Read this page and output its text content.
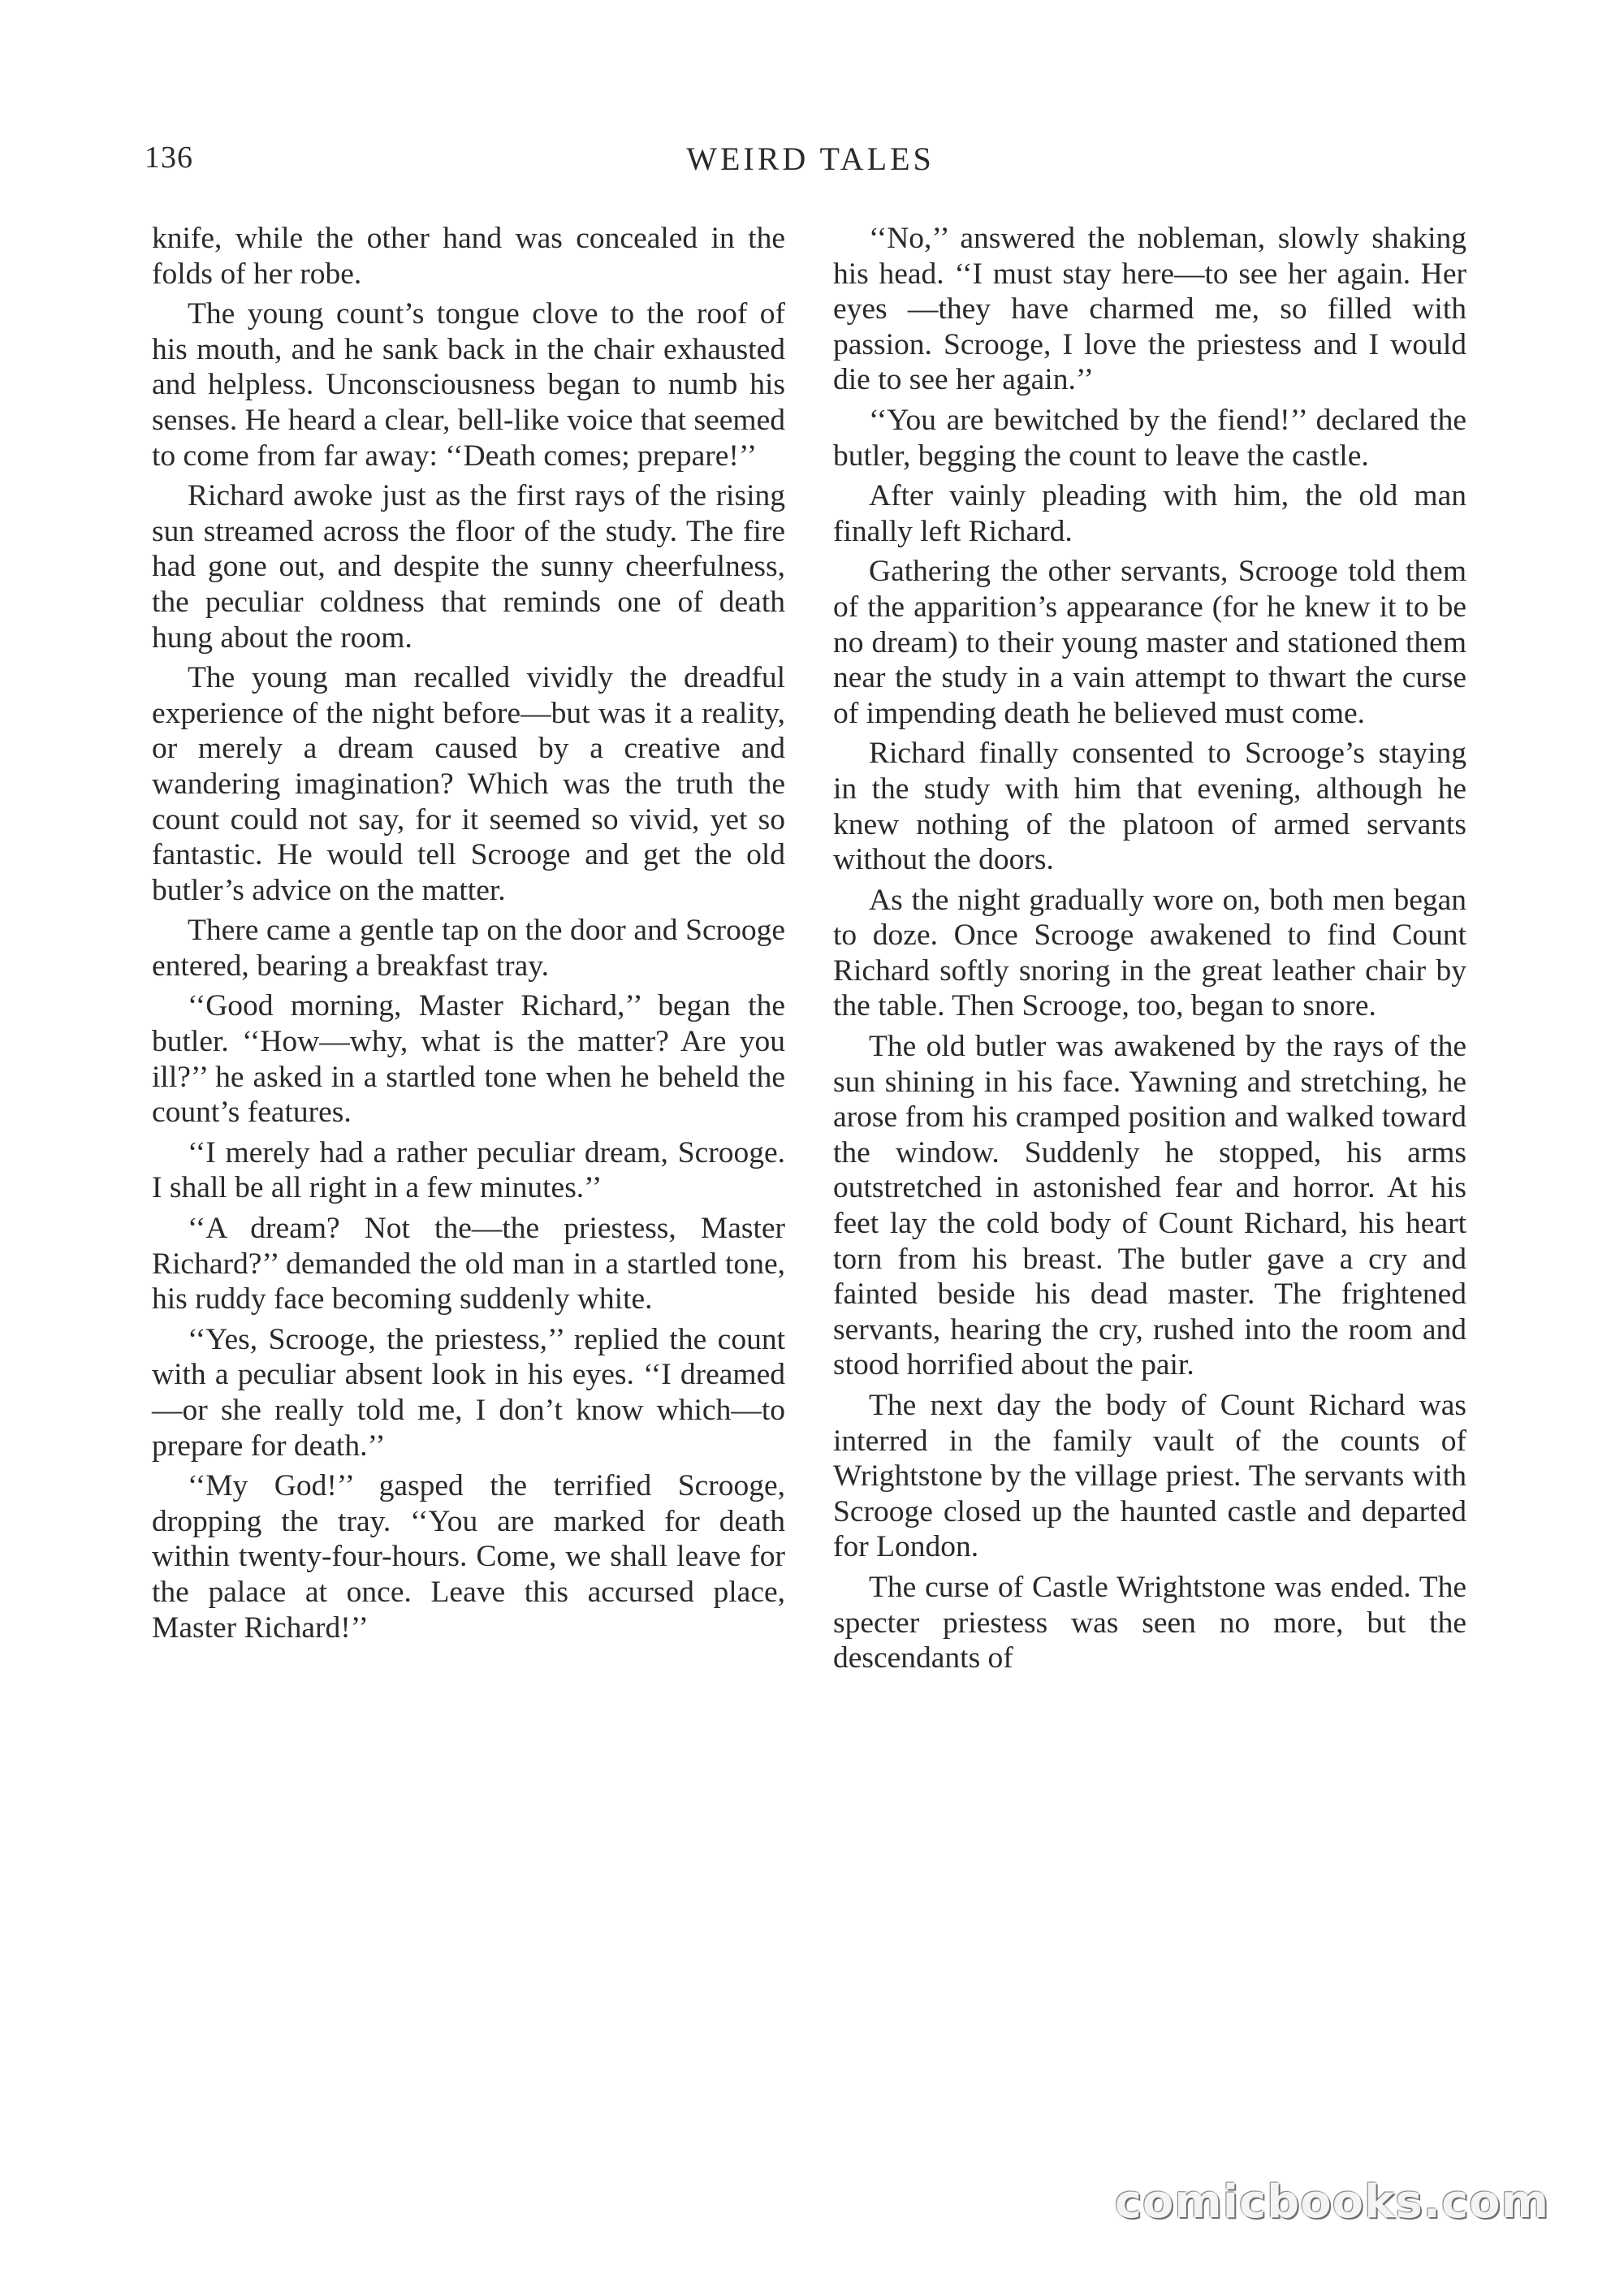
136	WEIRD TALES

knife, while the other hand was concealed in the folds of her robe.

The young count’s tongue clove to the roof of his mouth, and he sank back in the chair exhausted and helpless. Unconsciousness began to numb his senses. He heard a clear, bell-like voice that seemed to come from far away: ‘‘Death comes; prepare!’’

Richard awoke just as the first rays of the rising sun streamed across the floor of the study. The fire had gone out, and despite the sunny cheerfulness, the peculiar coldness that reminds one of death hung about the room.

The young man recalled vividly the dreadful experience of the night before—but was it a reality, or merely a dream caused by a creative and wandering imagination? Which was the truth the count could not say, for it seemed so vivid, yet so fantastic. He would tell Scrooge and get the old butler’s advice on the matter.

There came a gentle tap on the door and Scrooge entered, bearing a breakfast tray.

‘‘Good morning, Master Richard,’’ began the butler. ‘‘How—why, what is the matter? Are you ill?’’ he asked in a startled tone when he beheld the count’s features.

‘‘I merely had a rather peculiar dream, Scrooge. I shall be all right in a few minutes.’’

‘‘A dream? Not the—the priestess, Master Richard?’’ demanded the old man in a startled tone, his ruddy face becoming suddenly white.

‘‘Yes, Scrooge, the priestess,’’ replied the count with a peculiar absent look in his eyes. ‘‘I dreamed—or she really told me, I don’t know which—to prepare for death.’’

‘‘My God!’’ gasped the terrified Scrooge, dropping the tray. ‘‘You are marked for death within twenty-four-hours. Come, we shall leave for the palace at once. Leave this accursed place, Master Richard!’’

‘‘No,’’ answered the nobleman, slowly shaking his head. ‘‘I must stay here—to see her again. Her eyes —they have charmed me, so filled with passion. Scrooge, I love the priestess and I would die to see her again.’’

‘‘You are bewitched by the fiend!’’ declared the butler, begging the count to leave the castle.

After vainly pleading with him, the old man finally left Richard.

Gathering the other servants, Scrooge told them of the apparition’s appearance (for he knew it to be no dream) to their young master and stationed them near the study in a vain attempt to thwart the curse of impending death he believed must come.

Richard finally consented to Scrooge’s staying in the study with him that evening, although he knew nothing of the platoon of armed servants without the doors.

As the night gradually wore on, both men began to doze. Once Scrooge awakened to find Count Richard softly snoring in the great leather chair by the table. Then Scrooge, too, began to snore.

The old butler was awakened by the rays of the sun shining in his face. Yawning and stretching, he arose from his cramped position and walked toward the window. Suddenly he stopped, his arms outstretched in astonished fear and horror. At his feet lay the cold body of Count Richard, his heart torn from his breast. The butler gave a cry and fainted beside his dead master. The frightened servants, hearing the cry, rushed into the room and stood horrified about the pair.

The next day the body of Count Richard was interred in the family vault of the counts of Wrightstone by the village priest. The servants with Scrooge closed up the haunted castle and departed for London.

The curse of Castle Wrightstone was ended. The specter priestess was seen no more, but the descendants of

comicbooks.com
